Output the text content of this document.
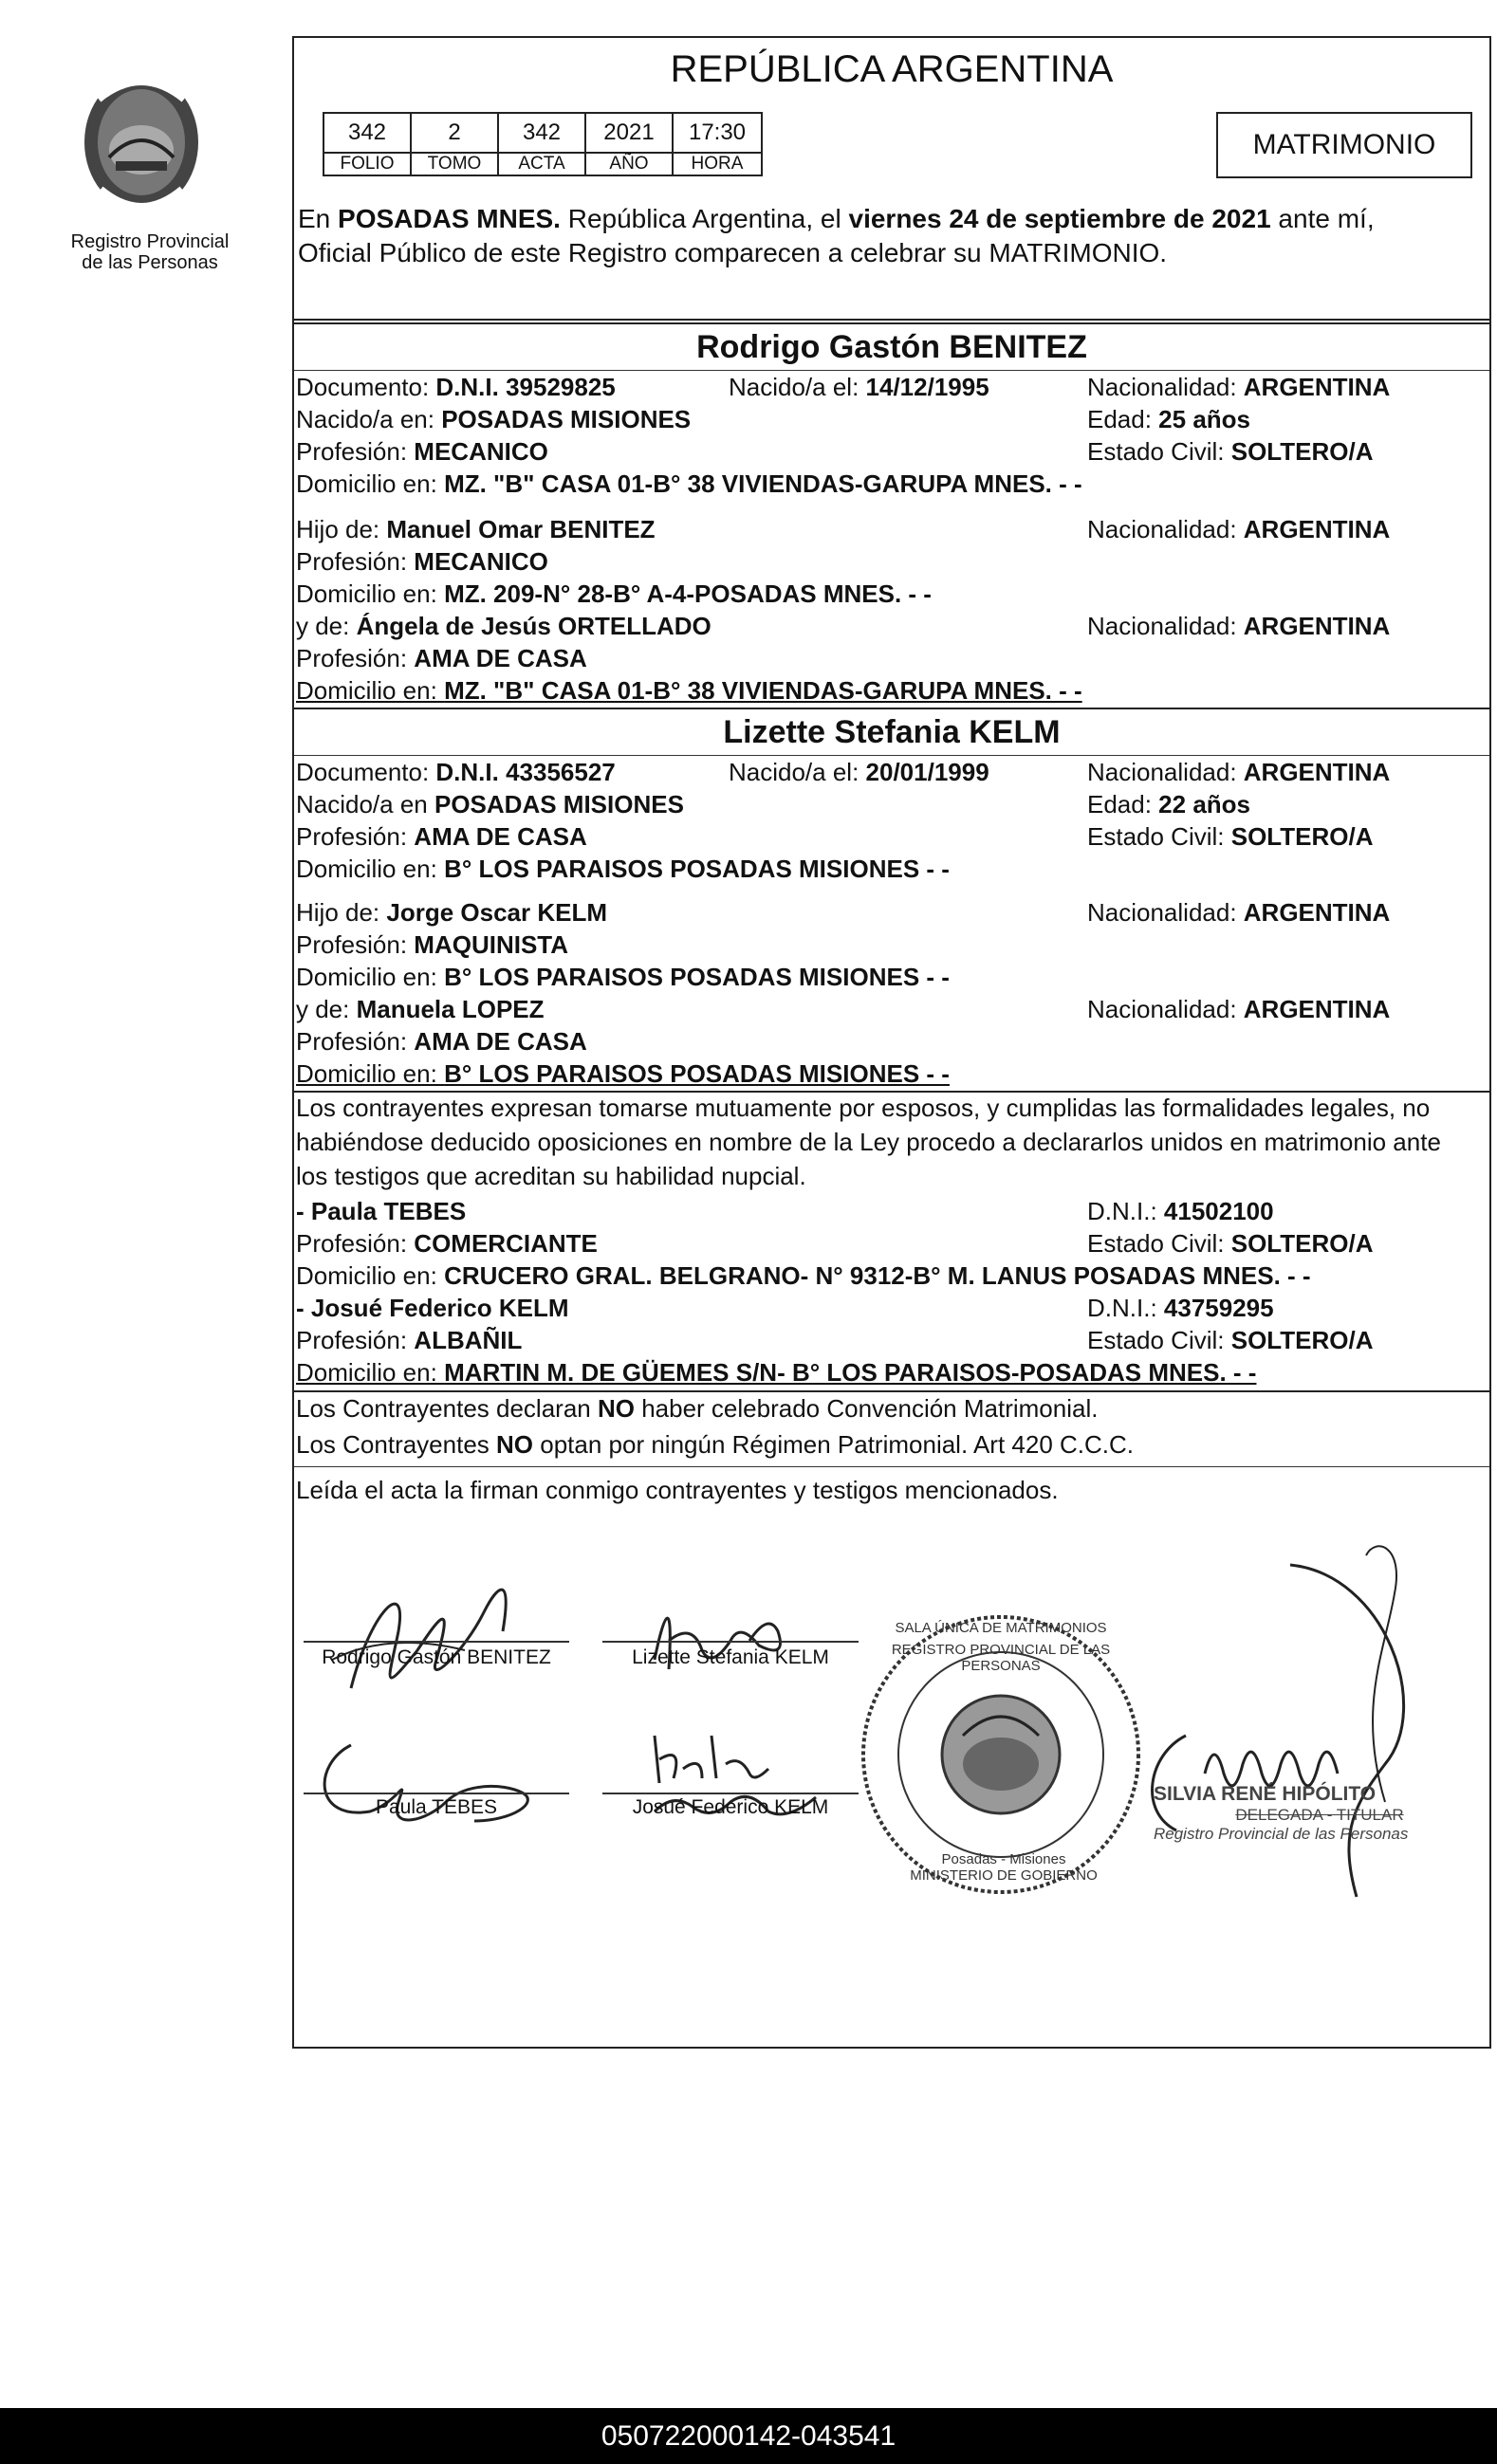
Registro Provincial
de las Personas
REPÚBLICA ARGENTINA
342	2	342	2021	17:30
FOLIO	TOMO	ACTA	AÑO	HORA
MATRIMONIO
En POSADAS MNES. República Argentina, el viernes 24 de septiembre de 2021 ante mí,
Oficial Público de este Registro comparecen a celebrar su MATRIMONIO.
Rodrigo Gastón BENITEZ
Documento: D.N.I. 39529825	Nacido/a el: 14/12/1995	Nacionalidad: ARGENTINA
Nacido/a en: POSADAS MISIONES	Edad: 25 años
Profesión: MECANICO	Estado Civil: SOLTERO/A
Domicilio en: MZ. "B" CASA 01-B° 38 VIVIENDAS-GARUPA MNES. - -
Hijo de: Manuel Omar BENITEZ	Nacionalidad: ARGENTINA
Profesión: MECANICO
Domicilio en: MZ. 209-N° 28-B° A-4-POSADAS MNES. - -
y de: Ángela de Jesús ORTELLADO	Nacionalidad: ARGENTINA
Profesión: AMA DE CASA
Domicilio en: MZ. "B" CASA 01-B° 38 VIVIENDAS-GARUPA MNES. - -
Lizette Stefania KELM
Documento: D.N.I. 43356527	Nacido/a el: 20/01/1999	Nacionalidad: ARGENTINA
Nacido/a en POSADAS MISIONES	Edad: 22 años
Profesión: AMA DE CASA	Estado Civil: SOLTERO/A
Domicilio en: B° LOS PARAISOS POSADAS MISIONES - -
Hijo de: Jorge Oscar KELM	Nacionalidad: ARGENTINA
Profesión: MAQUINISTA
Domicilio en: B° LOS PARAISOS POSADAS MISIONES - -
y de: Manuela LOPEZ	Nacionalidad: ARGENTINA
Profesión: AMA DE CASA
Domicilio en: B° LOS PARAISOS POSADAS MISIONES - -
Los contrayentes expresan tomarse mutuamente por esposos, y cumplidas las formalidades legales, no
habiéndose deducido oposiciones en nombre de la Ley procedo a declararlos unidos en matrimonio ante
los testigos que acreditan su habilidad nupcial.
- Paula TEBES	D.N.I.: 41502100
Profesión: COMERCIANTE	Estado Civil: SOLTERO/A
Domicilio en: CRUCERO GRAL. BELGRANO- N° 9312-B° M. LANUS POSADAS MNES. - -
- Josué Federico KELM	D.N.I.: 43759295
Profesión: ALBAÑIL	Estado Civil: SOLTERO/A
Domicilio en: MARTIN M. DE GÜEMES S/N- B° LOS PARAISOS-POSADAS MNES. - -
Los Contrayentes declaran NO haber celebrado Convención Matrimonial.
Los Contrayentes NO optan por ningún Régimen Patrimonial. Art 420 C.C.C.
Leída el acta la firman conmigo contrayentes y testigos mencionados.
Rodrigo Gastón BENITEZ	Lizette Stefania KELM
Paula TEBES	Josué Federico KELM
SALA ÚNICA DE MATRIMONIOS
REGISTRO PROVINCIAL DE LAS PERSONAS
Posadas - Misiones
MINISTERIO DE GOBIERNO
SILVIA RENÉ HIPÓLITO
DELEGADA - TITULAR
Registro Provincial de las Personas
050722000142-043541
